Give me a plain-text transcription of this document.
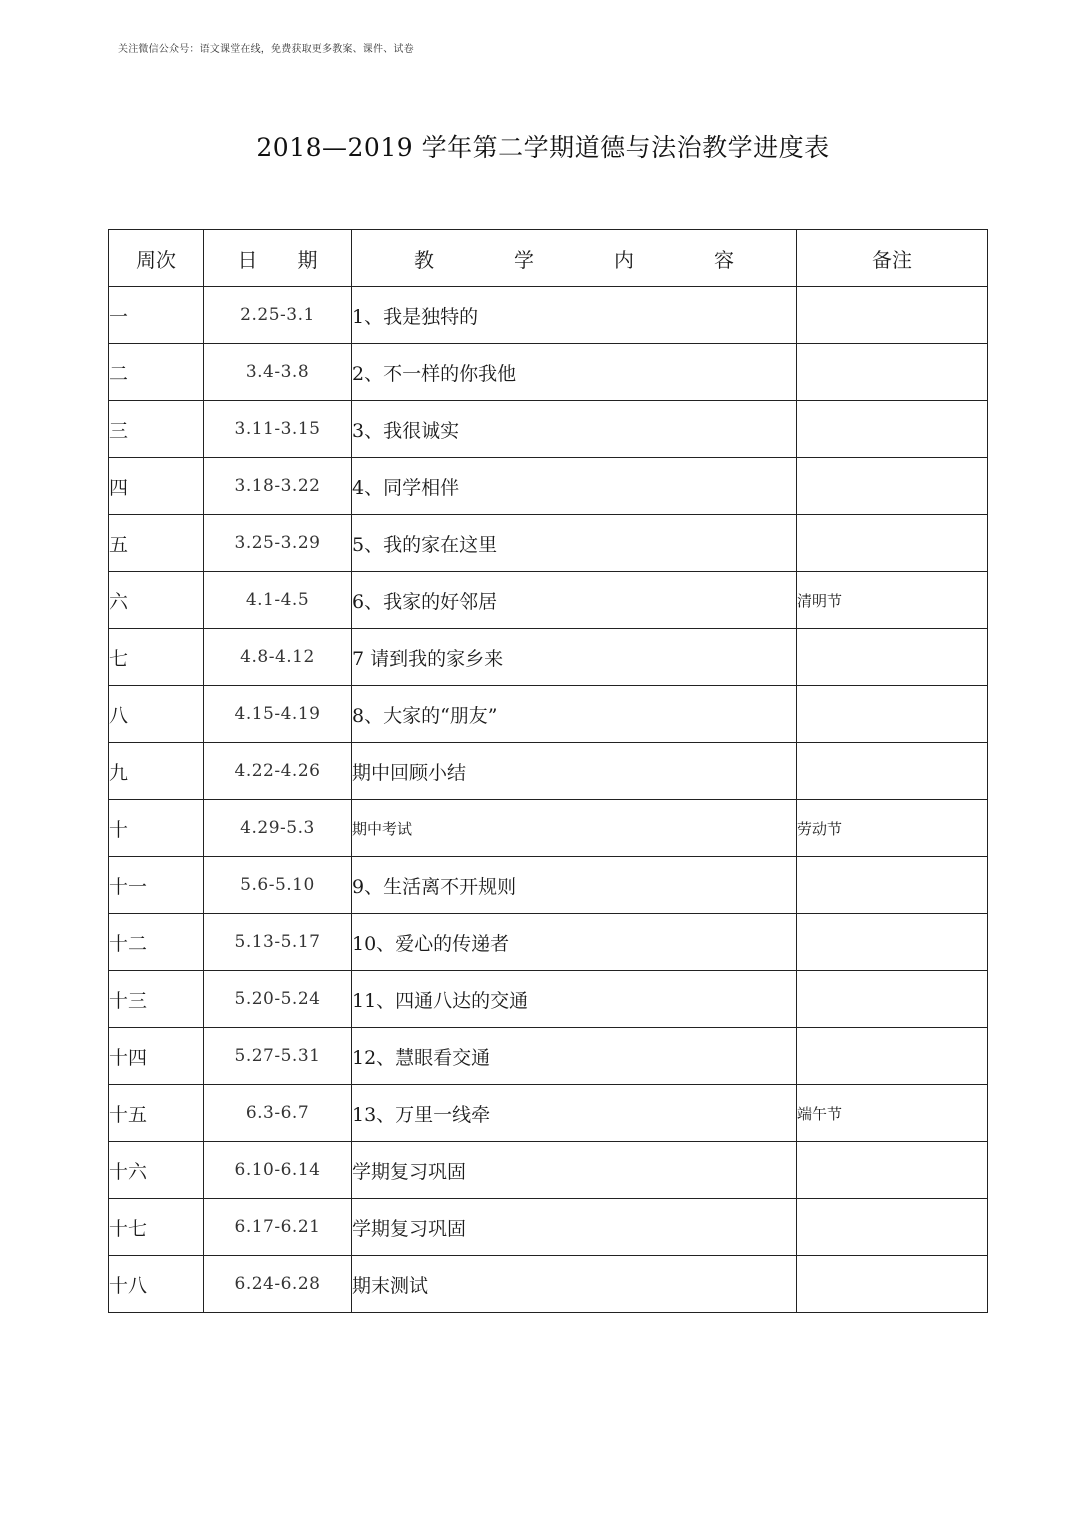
关注微信公众号：语文课堂在线，免费获取更多教案、课件、试卷
2018—2019 学年第二学期道德与法治教学进度表
周次	日　　期	教　　　　学　　　　内　　　　容	备注
一	2.25-3.1	1、我是独特的	
二	3.4-3.8	2、不一样的你我他	
三	3.11-3.15	3、我很诚实	
四	3.18-3.22	4、同学相伴	
五	3.25-3.29	5、我的家在这里	
六	4.1-4.5	6、我家的好邻居	清明节
七	4.8-4.12	7 请到我的家乡来	
八	4.15-4.19	8、大家的“朋友”	
九	4.22-4.26	期中回顾小结	
十	4.29-5.3	期中考试	劳动节
十一	5.6-5.10	9、生活离不开规则	
十二	5.13-5.17	10、爱心的传递者	
十三	5.20-5.24	11、四通八达的交通	
十四	5.27-5.31	12、慧眼看交通	
十五	6.3-6.7	13、万里一线牵	端午节
十六	6.10-6.14	学期复习巩固	
十七	6.17-6.21	学期复习巩固	
十八	6.24-6.28	期末测试	
